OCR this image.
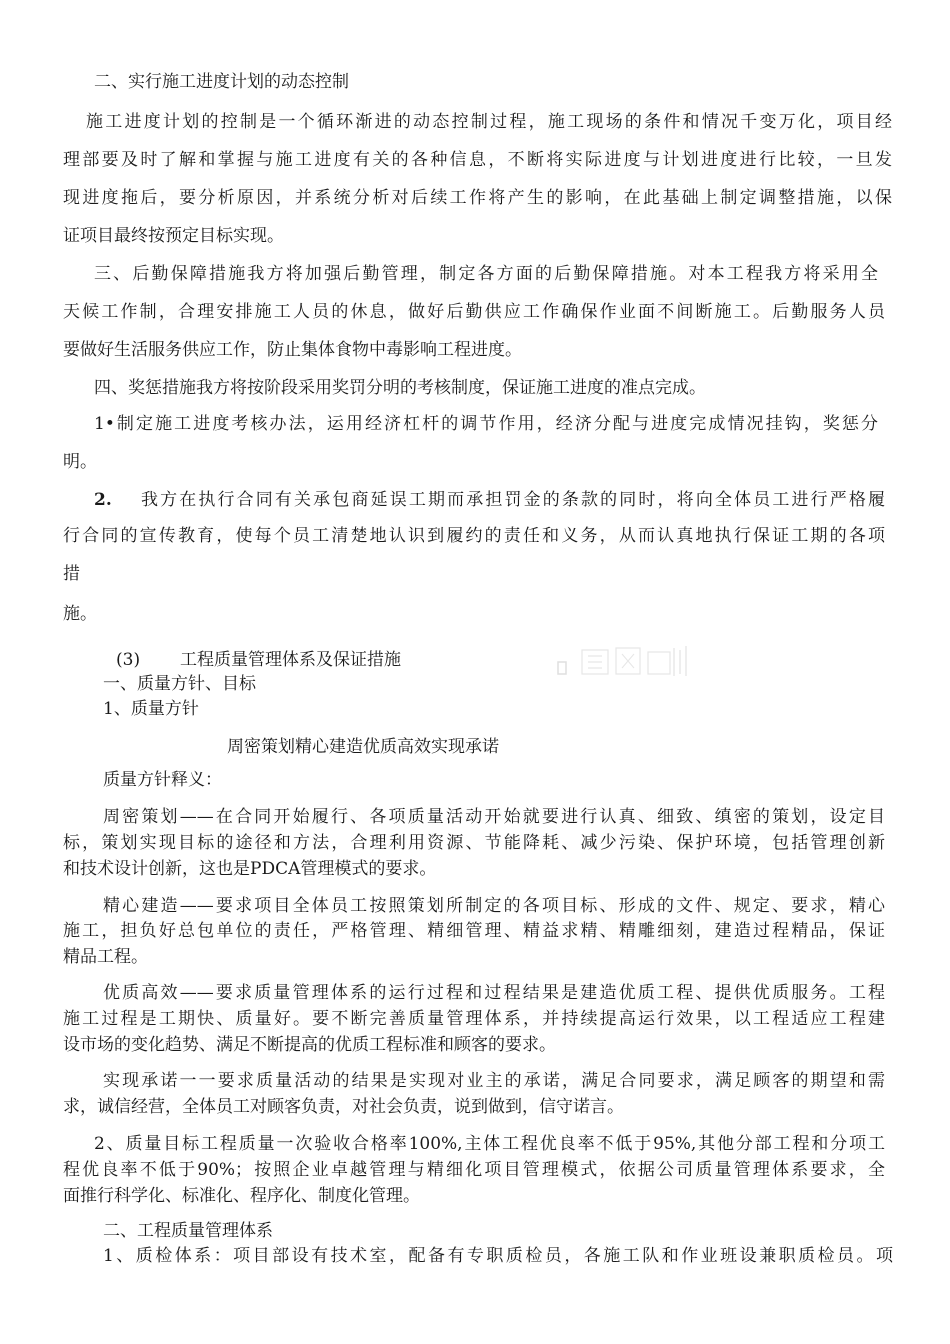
二、实行施工进度计划的动态控制
施工进度计划的控制是一个循环渐进的动态控制过程，施工现场的条件和情况千变万化，项目经
理部要及时了解和掌握与施工进度有关的各种信息，不断将实际进度与计划进度进行比较，一旦发
现进度拖后，要分析原因，并系统分析对后续工作将产生的影响，在此基础上制定调整措施，以保
证项目最终按预定目标实现。
三、后勤保障措施我方将加强后勤管理，制定各方面的后勤保障措施。对本工程我方将采用全
天候工作制，合理安排施工人员的休息，做好后勤供应工作确保作业面不间断施工。后勤服务人员
要做好生活服务供应工作，防止集体食物中毒影响工程进度。
四、奖惩措施我方将按阶段采用奖罚分明的考核制度，保证施工进度的准点完成。
1•制定施工进度考核办法，运用经济杠杆的调节作用，经济分配与进度完成情况挂钩，奖惩分
明。
2. 我方在执行合同有关承包商延误工期而承担罚金的条款的同时，将向全体员工进行严格履
行合同的宣传教育，使每个员工清楚地认识到履约的责任和义务，从而认真地执行保证工期的各项
措
施。
(3) 工程质量管理体系及保证措施
一、质量方针、目标
1、质量方针
周密策划精心建造优质高效实现承诺
质量方针释义：
周密策划——在合同开始履行、各项质量活动开始就要进行认真、细致、缜密的策划，设定目
标，策划实现目标的途径和方法，合理利用资源、节能降耗、减少污染、保护环境，包括管理创新
和技术设计创新，这也是PDCA管理模式的要求。
精心建造——要求项目全体员工按照策划所制定的各项目标、形成的文件、规定、要求，精心
施工，担负好总包单位的责任，严格管理、精细管理、精益求精、精雕细刻，建造过程精品，保证
精品工程。
优质高效——要求质量管理体系的运行过程和过程结果是建造优质工程、提供优质服务。工程
施工过程是工期快、质量好。要不断完善质量管理体系，并持续提高运行效果，以工程适应工程建
设市场的变化趋势、满足不断提高的优质工程标准和顾客的要求。
实现承诺一一要求质量活动的结果是实现对业主的承诺，满足合同要求，满足顾客的期望和需
求，诚信经营，全体员工对顾客负责，对社会负责，说到做到，信守诺言。
2、质量目标工程质量一次验收合格率100%,主体工程优良率不低于95%,其他分部工程和分项工
程优良率不低于90%；按照企业卓越管理与精细化项目管理模式，依据公司质量管理体系要求，全
面推行科学化、标准化、程序化、制度化管理。
二、工程质量管理体系
1、质检体系：项目部设有技术室，配备有专职质检员，各施工队和作业班设兼职质检员。项
